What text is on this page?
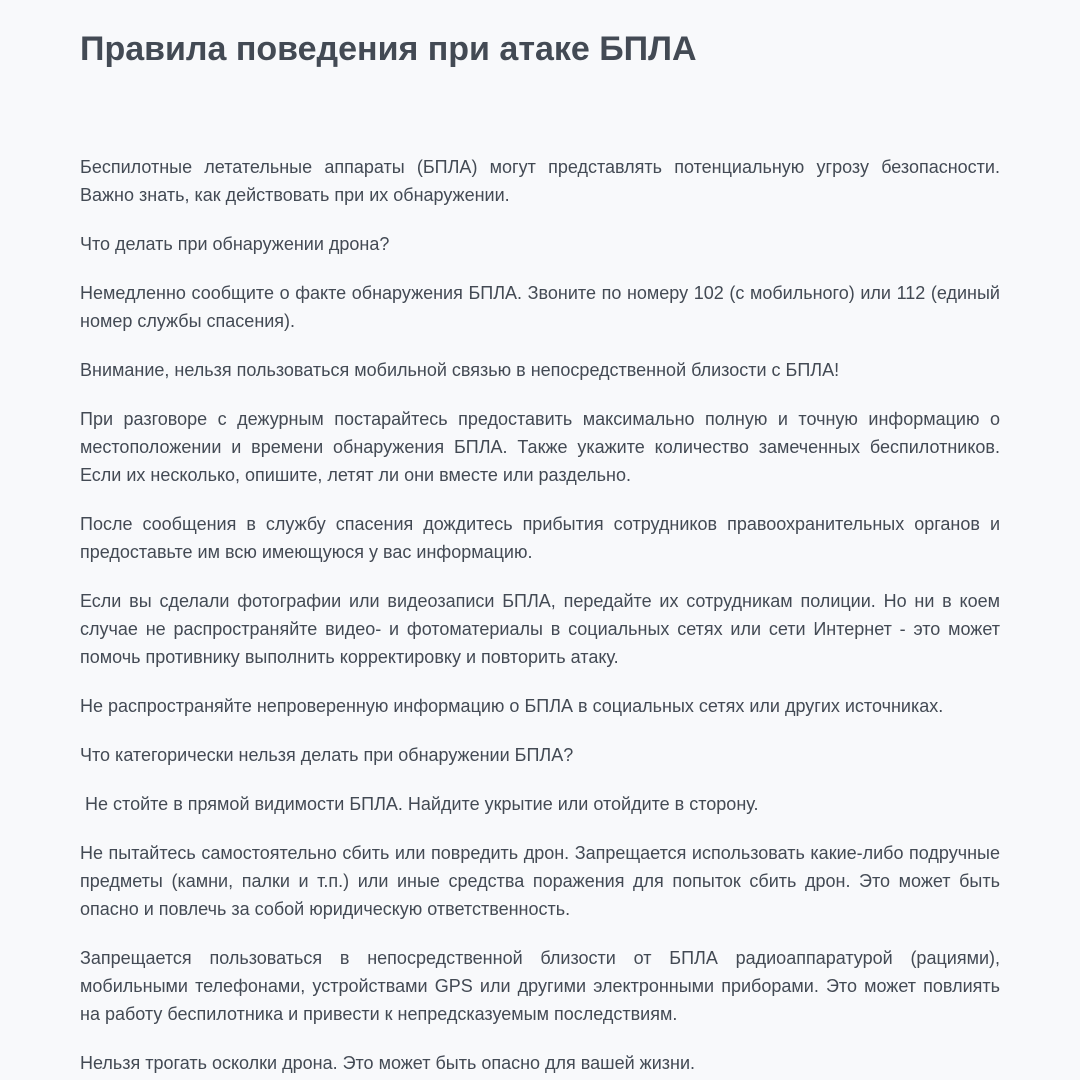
Правила поведения при атаке БПЛА

Беспилотные летательные аппараты (БПЛА) могут представлять потенциальную угрозу безопасности. Важно знать, как действовать при их обнаружении.

Что делать при обнаружении дрона?

Немедленно сообщите о факте обнаружения БПЛА. Звоните по номеру 102 (с мобильного) или 112 (единый номер службы спасения).

Внимание, нельзя пользоваться мобильной связью в непосредственной близости с БПЛА!

При разговоре с дежурным постарайтесь предоставить максимально полную и точную информацию о местоположении и времени обнаружения БПЛА. Также укажите количество замеченных беспилотников. Если их несколько, опишите, летят ли они вместе или раздельно.

После сообщения в службу спасения дождитесь прибытия сотрудников правоохранительных органов и предоставьте им всю имеющуюся у вас информацию.

Если вы сделали фотографии или видеозаписи БПЛА, передайте их сотрудникам полиции. Но ни в коем случае не распространяйте видео- и фотоматериалы в социальных сетях или сети Интернет - это может помочь противнику выполнить корректировку и повторить атаку.

Не распространяйте непроверенную информацию о БПЛА в социальных сетях или других источниках.

Что категорически нельзя делать при обнаружении БПЛА?

Не стойте в прямой видимости БПЛА. Найдите укрытие или отойдите в сторону.

Не пытайтесь самостоятельно сбить или повредить дрон. Запрещается использовать какие-либо подручные предметы (камни, палки и т.п.) или иные средства поражения для попыток сбить дрон. Это может быть опасно и повлечь за собой юридическую ответственность.

Запрещается пользоваться в непосредственной близости от БПЛА радиоаппаратурой (рациями), мобильными телефонами, устройствами GPS или другими электронными приборами. Это может повлиять на работу беспилотника и привести к непредсказуемым последствиям.

Нельзя трогать осколки дрона. Это может быть опасно для вашей жизни.
